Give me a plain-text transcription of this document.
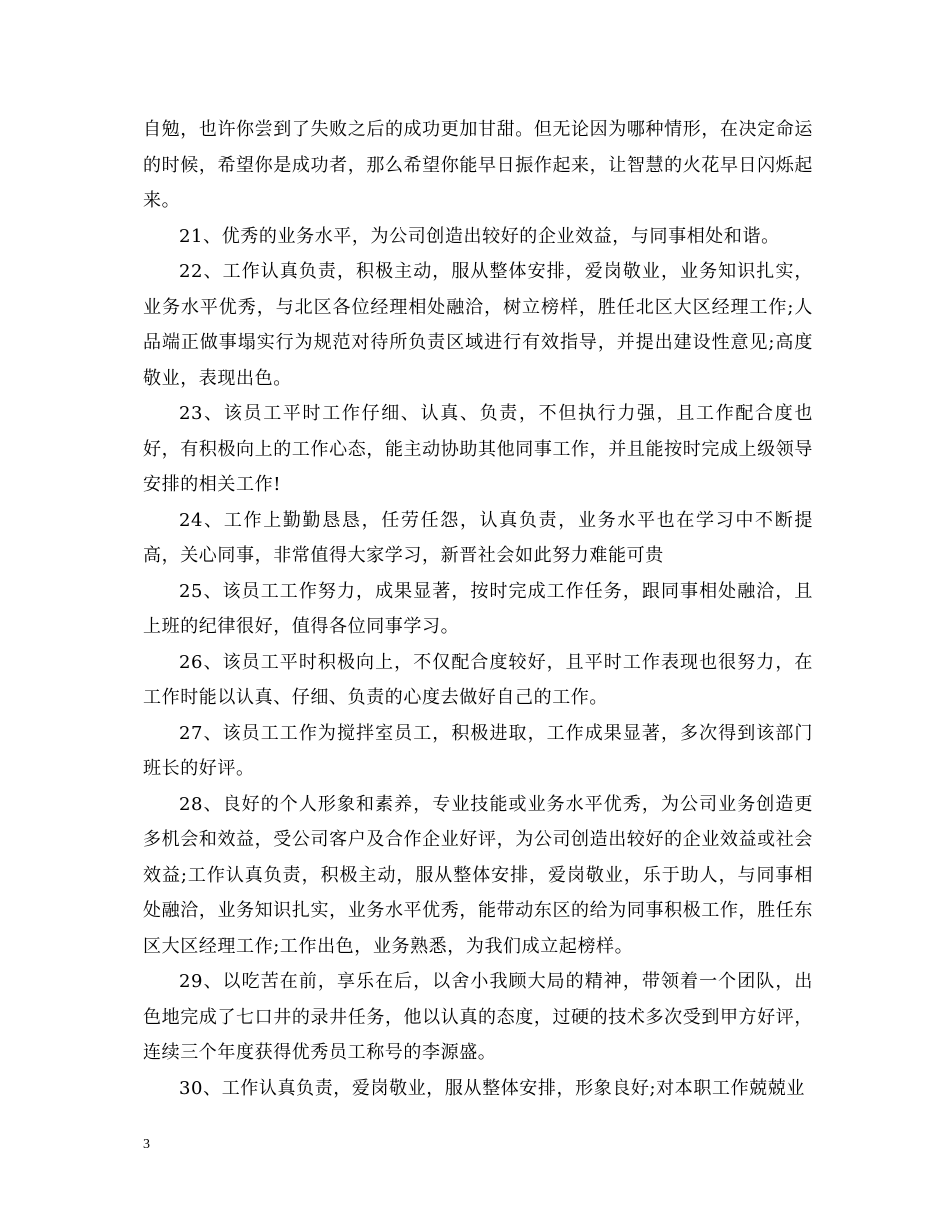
自勉，也许你尝到了失败之后的成功更加甘甜。但无论因为哪种情形，在决定命运的时候，希望你是成功者，那么希望你能早日振作起来，让智慧的火花早日闪烁起来。

21、优秀的业务水平，为公司创造出较好的企业效益，与同事相处和谐。

22、工作认真负责，积极主动，服从整体安排，爱岗敬业，业务知识扎实，业务水平优秀，与北区各位经理相处融洽，树立榜样，胜任北区大区经理工作;人品端正做事塌实行为规范对待所负责区域进行有效指导，并提出建设性意见;高度敬业，表现出色。

23、该员工平时工作仔细、认真、负责，不但执行力强，且工作配合度也好，有积极向上的工作心态，能主动协助其他同事工作，并且能按时完成上级领导安排的相关工作!

24、工作上勤勤恳恳，任劳任怨，认真负责，业务水平也在学习中不断提高，关心同事，非常值得大家学习，新晋社会如此努力难能可贵

25、该员工工作努力，成果显著，按时完成工作任务，跟同事相处融洽，且上班的纪律很好，值得各位同事学习。

26、该员工平时积极向上，不仅配合度较好，且平时工作表现也很努力，在工作时能以认真、仔细、负责的心度去做好自己的工作。

27、该员工工作为搅拌室员工，积极进取，工作成果显著，多次得到该部门班长的好评。

28、良好的个人形象和素养，专业技能或业务水平优秀，为公司业务创造更多机会和效益，受公司客户及合作企业好评，为公司创造出较好的企业效益或社会效益;工作认真负责，积极主动，服从整体安排，爱岗敬业，乐于助人，与同事相处融洽，业务知识扎实，业务水平优秀，能带动东区的给为同事积极工作，胜任东区大区经理工作;工作出色，业务熟悉，为我们成立起榜样。

29、以吃苦在前，享乐在后，以舍小我顾大局的精神，带领着一个团队，出色地完成了七口井的录井任务，他以认真的态度，过硬的技术多次受到甲方好评，连续三个年度获得优秀员工称号的李源盛。

30、工作认真负责，爱岗敬业，服从整体安排，形象良好;对本职工作兢兢业

3
